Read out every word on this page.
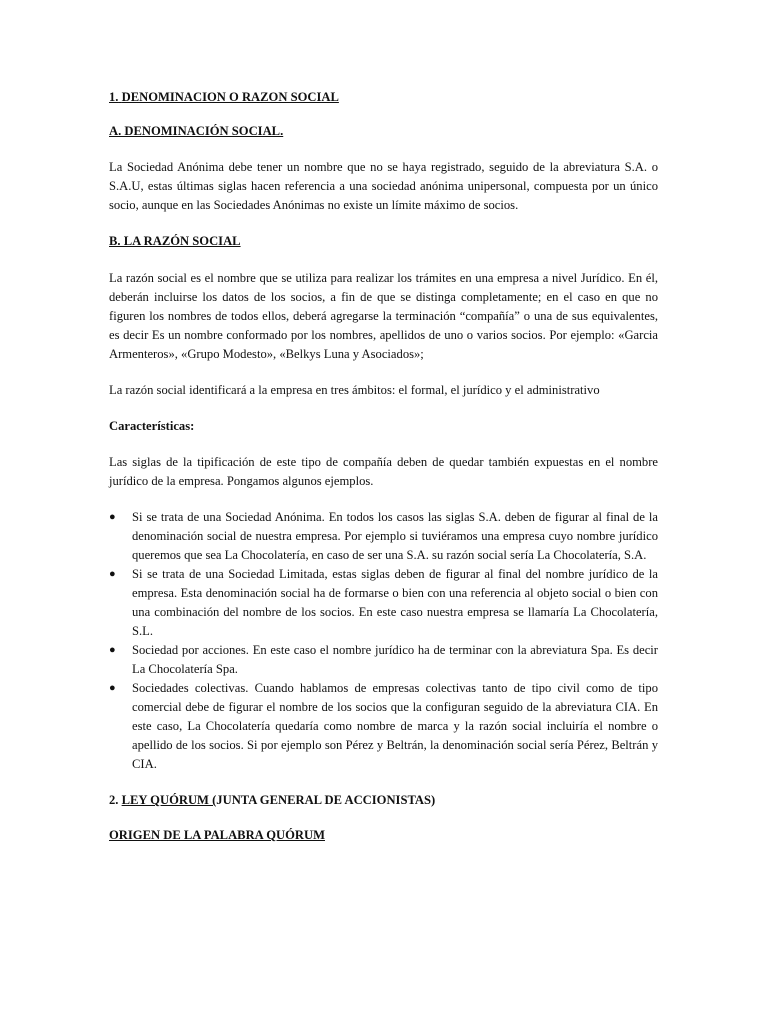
1. DENOMINACION O RAZON SOCIAL

A. DENOMINACIÓN SOCIAL.

La Sociedad Anónima debe tener un nombre que no se haya registrado, seguido de la abreviatura S.A. o S.A.U, estas últimas siglas hacen referencia a una sociedad anónima unipersonal, compuesta por un único socio, aunque en las Sociedades Anónimas no existe un límite máximo de socios.

B. LA RAZÓN SOCIAL

La razón social es el nombre que se utiliza para realizar los trámites en una empresa a nivel Jurídico. En él, deberán incluirse los datos de los socios, a fin de que se distinga completamente; en el caso en que no figuren los nombres de todos ellos, deberá agregarse la terminación “compañía” o una de sus equivalentes, es decir Es un nombre conformado por los nombres, apellidos de uno o varios socios. Por ejemplo: «Garcia Armenteros», «Grupo Modesto», «Belkys Luna y Asociados»;

La razón social identificará a la empresa en tres ámbitos: el formal, el jurídico y el administrativo

Características:

Las siglas de la tipificación de este tipo de compañía deben de quedar también expuestas en el nombre jurídico de la empresa. Pongamos algunos ejemplos.

● Si se trata de una Sociedad Anónima. En todos los casos las siglas S.A. deben de figurar al final de la denominación social de nuestra empresa. Por ejemplo si tuviéramos una empresa cuyo nombre jurídico queremos que sea La Chocolatería, en caso de ser una S.A. su razón social sería La Chocolatería, S.A.
● Si se trata de una Sociedad Limitada, estas siglas deben de figurar al final del nombre jurídico de la empresa. Esta denominación social ha de formarse o bien con una referencia al objeto social o bien con una combinación del nombre de los socios. En este caso nuestra empresa se llamaría La Chocolatería, S.L.
● Sociedad por acciones. En este caso el nombre jurídico ha de terminar con la abreviatura Spa. Es decir La Chocolatería Spa.
● Sociedades colectivas. Cuando hablamos de empresas colectivas tanto de tipo civil como de tipo comercial debe de figurar el nombre de los socios que la configuran seguido de la abreviatura CIA. En este caso, La Chocolatería quedaría como nombre de marca y la razón social incluiría el nombre o apellido de los socios. Si por ejemplo son Pérez y Beltrán, la denominación social sería Pérez, Beltrán y CIA.

2. LEY QUÓRUM (JUNTA GENERAL DE ACCIONISTAS)

ORIGEN DE LA PALABRA QUÓRUM
